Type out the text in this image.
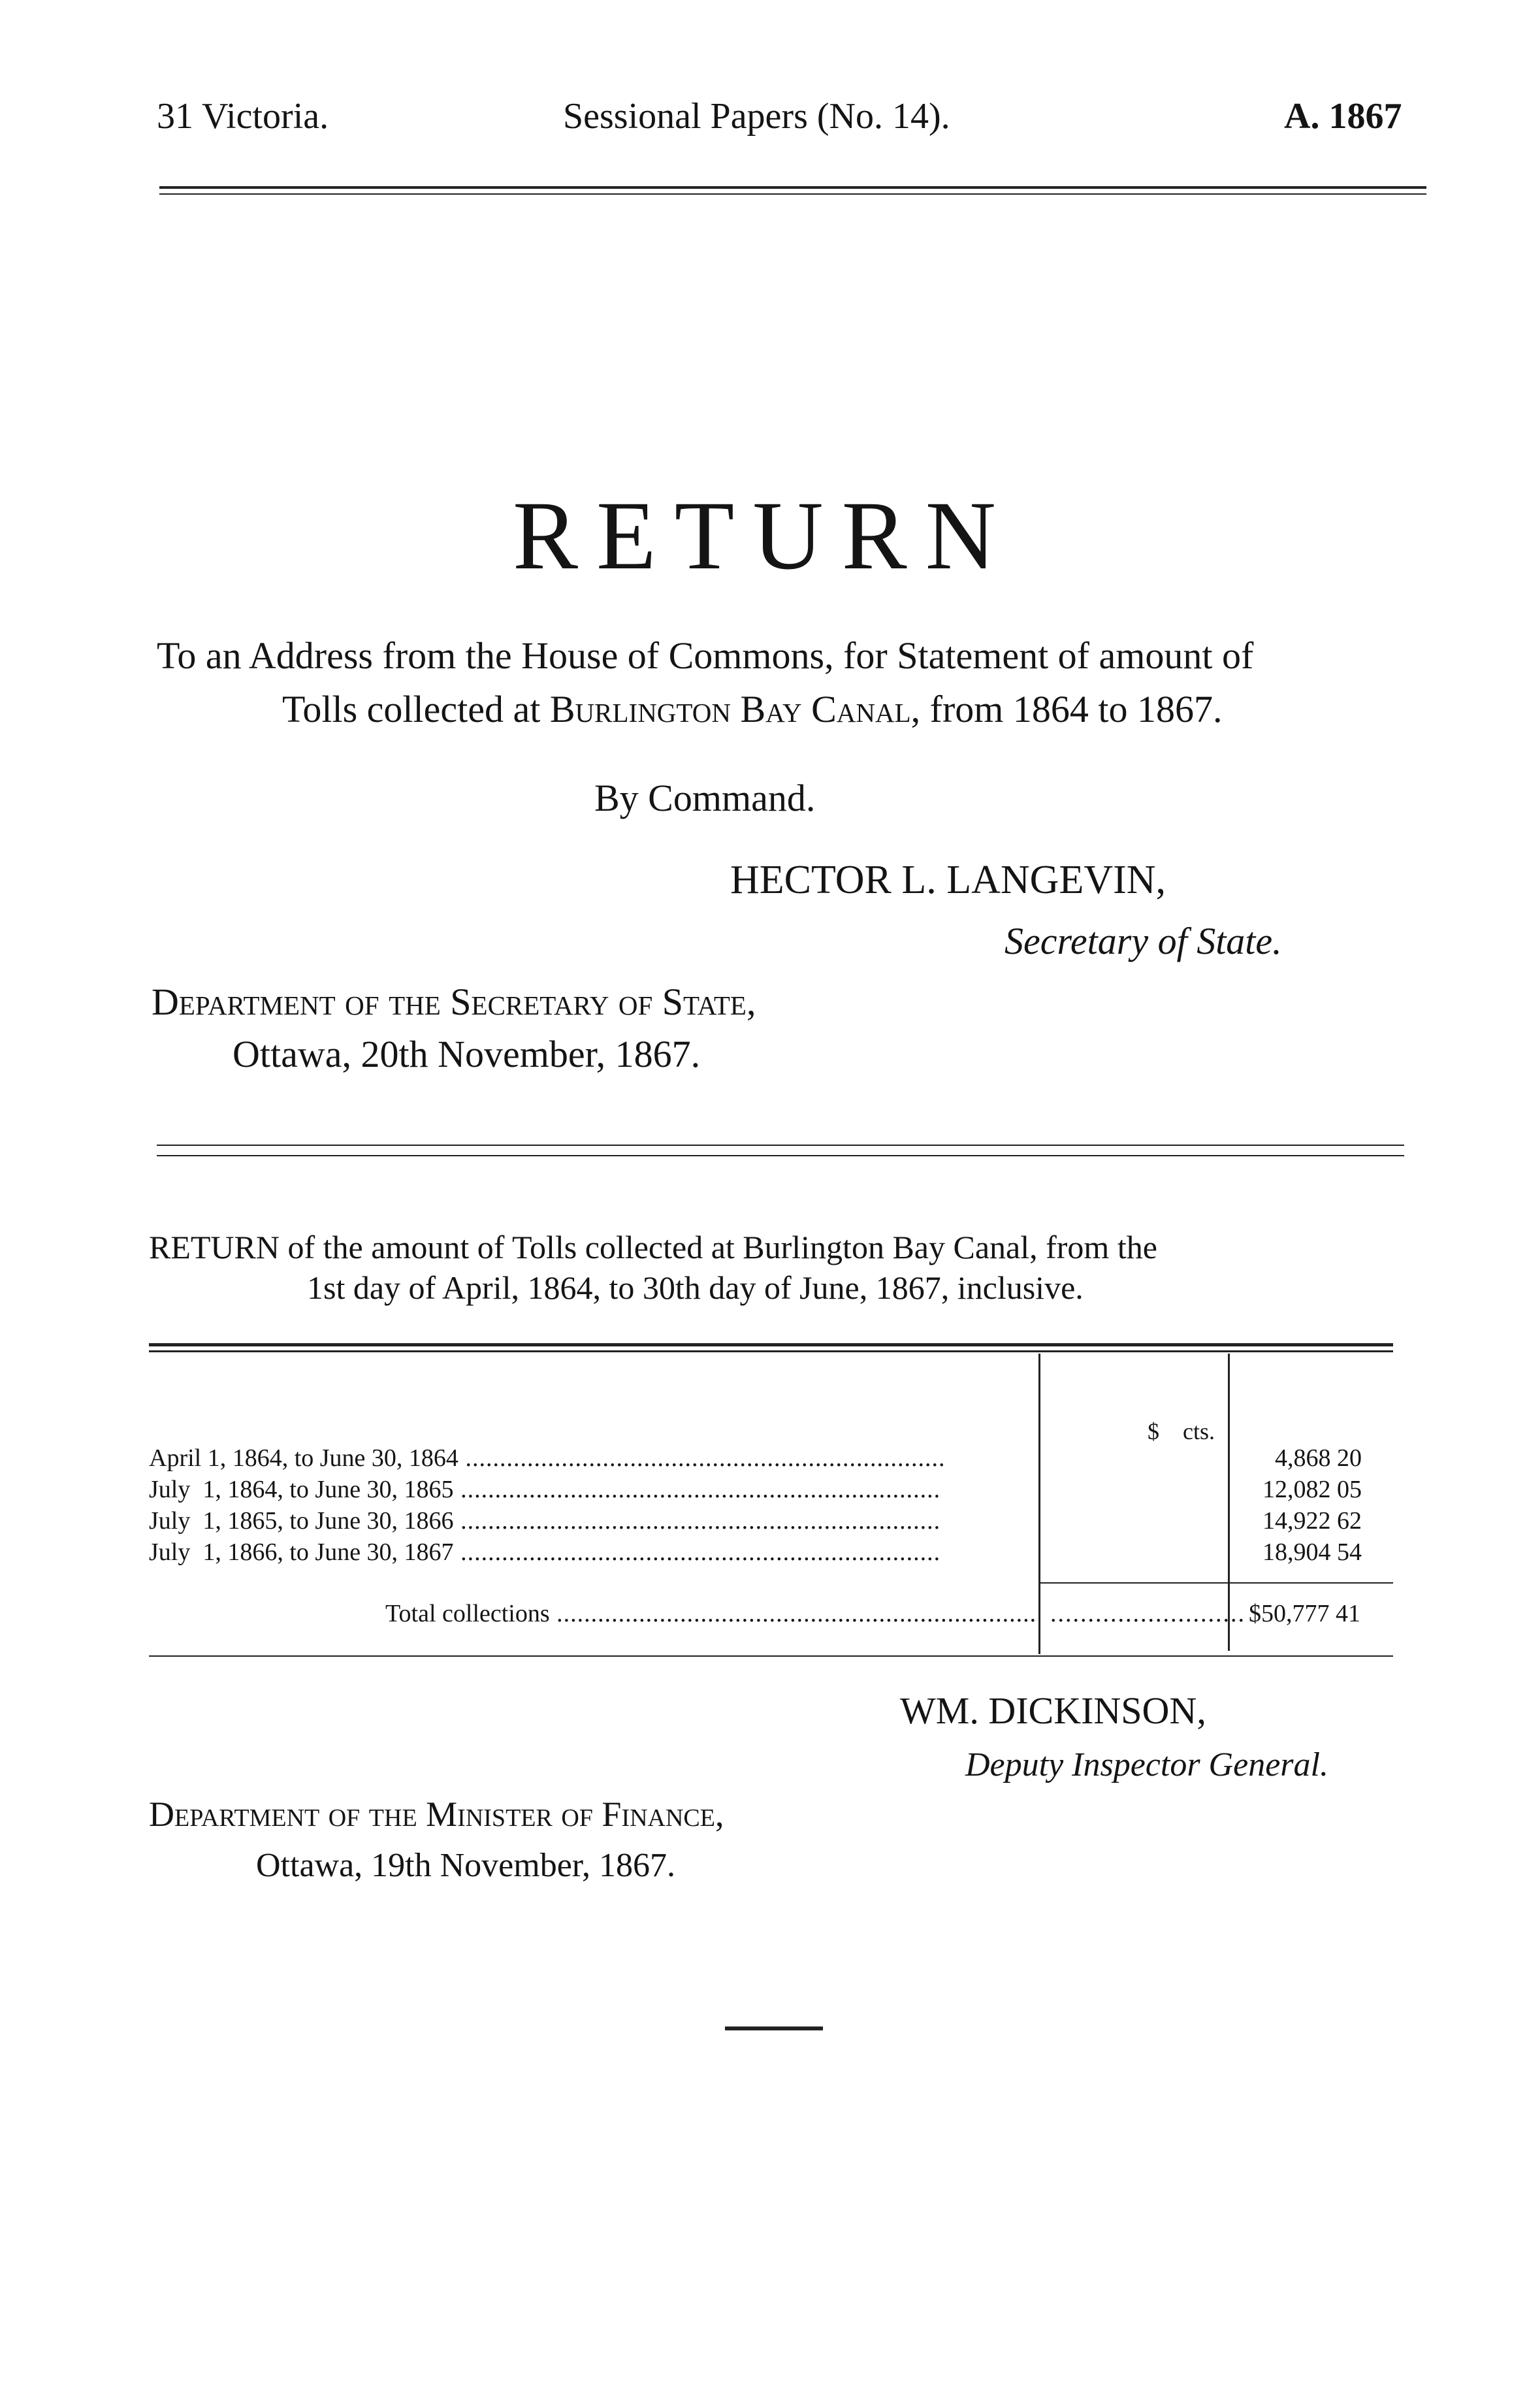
31 Victoria.	Sessional Papers (No. 14).	A. 1867
RETURN
To an Address from the House of Commons, for Statement of amount of
Tolls collected at Burlington Bay Canal, from 1864 to 1867.
By Command.
HECTOR L. LANGEVIN,
Secretary of State.
Department of the Secretary of State,
Ottawa, 20th November, 1867.
RETURN of the amount of Tolls collected at Burlington Bay Canal, from the
1st day of April, 1864, to 30th day of June, 1867, inclusive.
$    cts.
April 1, 1864, to June 30, 1864 ......................................................................	4,868 20
July  1, 1864, to June 30, 1865 ......................................................................	12,082 05
July  1, 1865, to June 30, 1866 ......................................................................	14,922 62
July  1, 1866, to June 30, 1867 ......................................................................	18,904 54
Total collections ...................................................................... .......................... $50,777 41
WM. DICKINSON,
Deputy Inspector General.
Department of the Minister of Finance,
Ottawa, 19th November, 1867.
